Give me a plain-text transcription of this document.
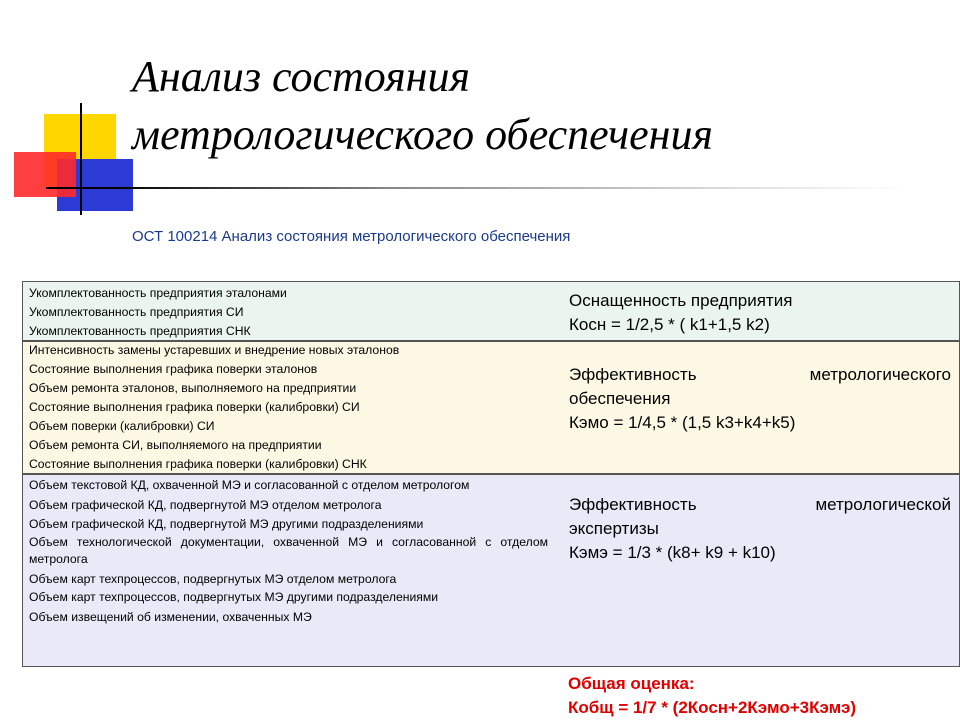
Анализ состояния
метрологического обеспечения
ОСТ 100214 Анализ состояния метрологического обеспечения
Укомплектованность предприятия эталонами
Укомплектованность предприятия СИ
Укомплектованность предприятия СНК
Оснащенность предприятия
Косн = 1/2,5 * ( k1+1,5 k2)
Интенсивность замены устаревших и внедрение новых эталонов
Состояние выполнения графика поверки эталонов
Объем ремонта эталонов, выполняемого на предприятии
Состояние выполнения графика поверки (калибровки) СИ
Объем поверки (калибровки) СИ
Объем ремонта СИ, выполняемого на предприятии
Состояние выполнения графика поверки (калибровки) СНК
Эффективность	метрологического
обеспечения
Кэмо = 1/4,5 * (1,5 k3+k4+k5)
Объем текстовой КД, охваченной МЭ и согласованной с отделом метрологом
Объем графической КД, подвергнутой МЭ отделом метролога
Объем графической КД, подвергнутой МЭ другими подразделениями
Объем технологической документации, охваченной МЭ и согласованной с отделом метролога
Объем карт техпроцессов, подвергнутых МЭ отделом метролога
Объем карт техпроцессов, подвергнутых МЭ другими подразделениями
Объем извещений об изменении, охваченных МЭ
Эффективность	метрологической
экспертизы
Кэмэ = 1/3 * (k8+ k9 + k10)
Общая оценка:
Кобщ = 1/7 * (2Косн+2Кэмо+3Кэмэ)
